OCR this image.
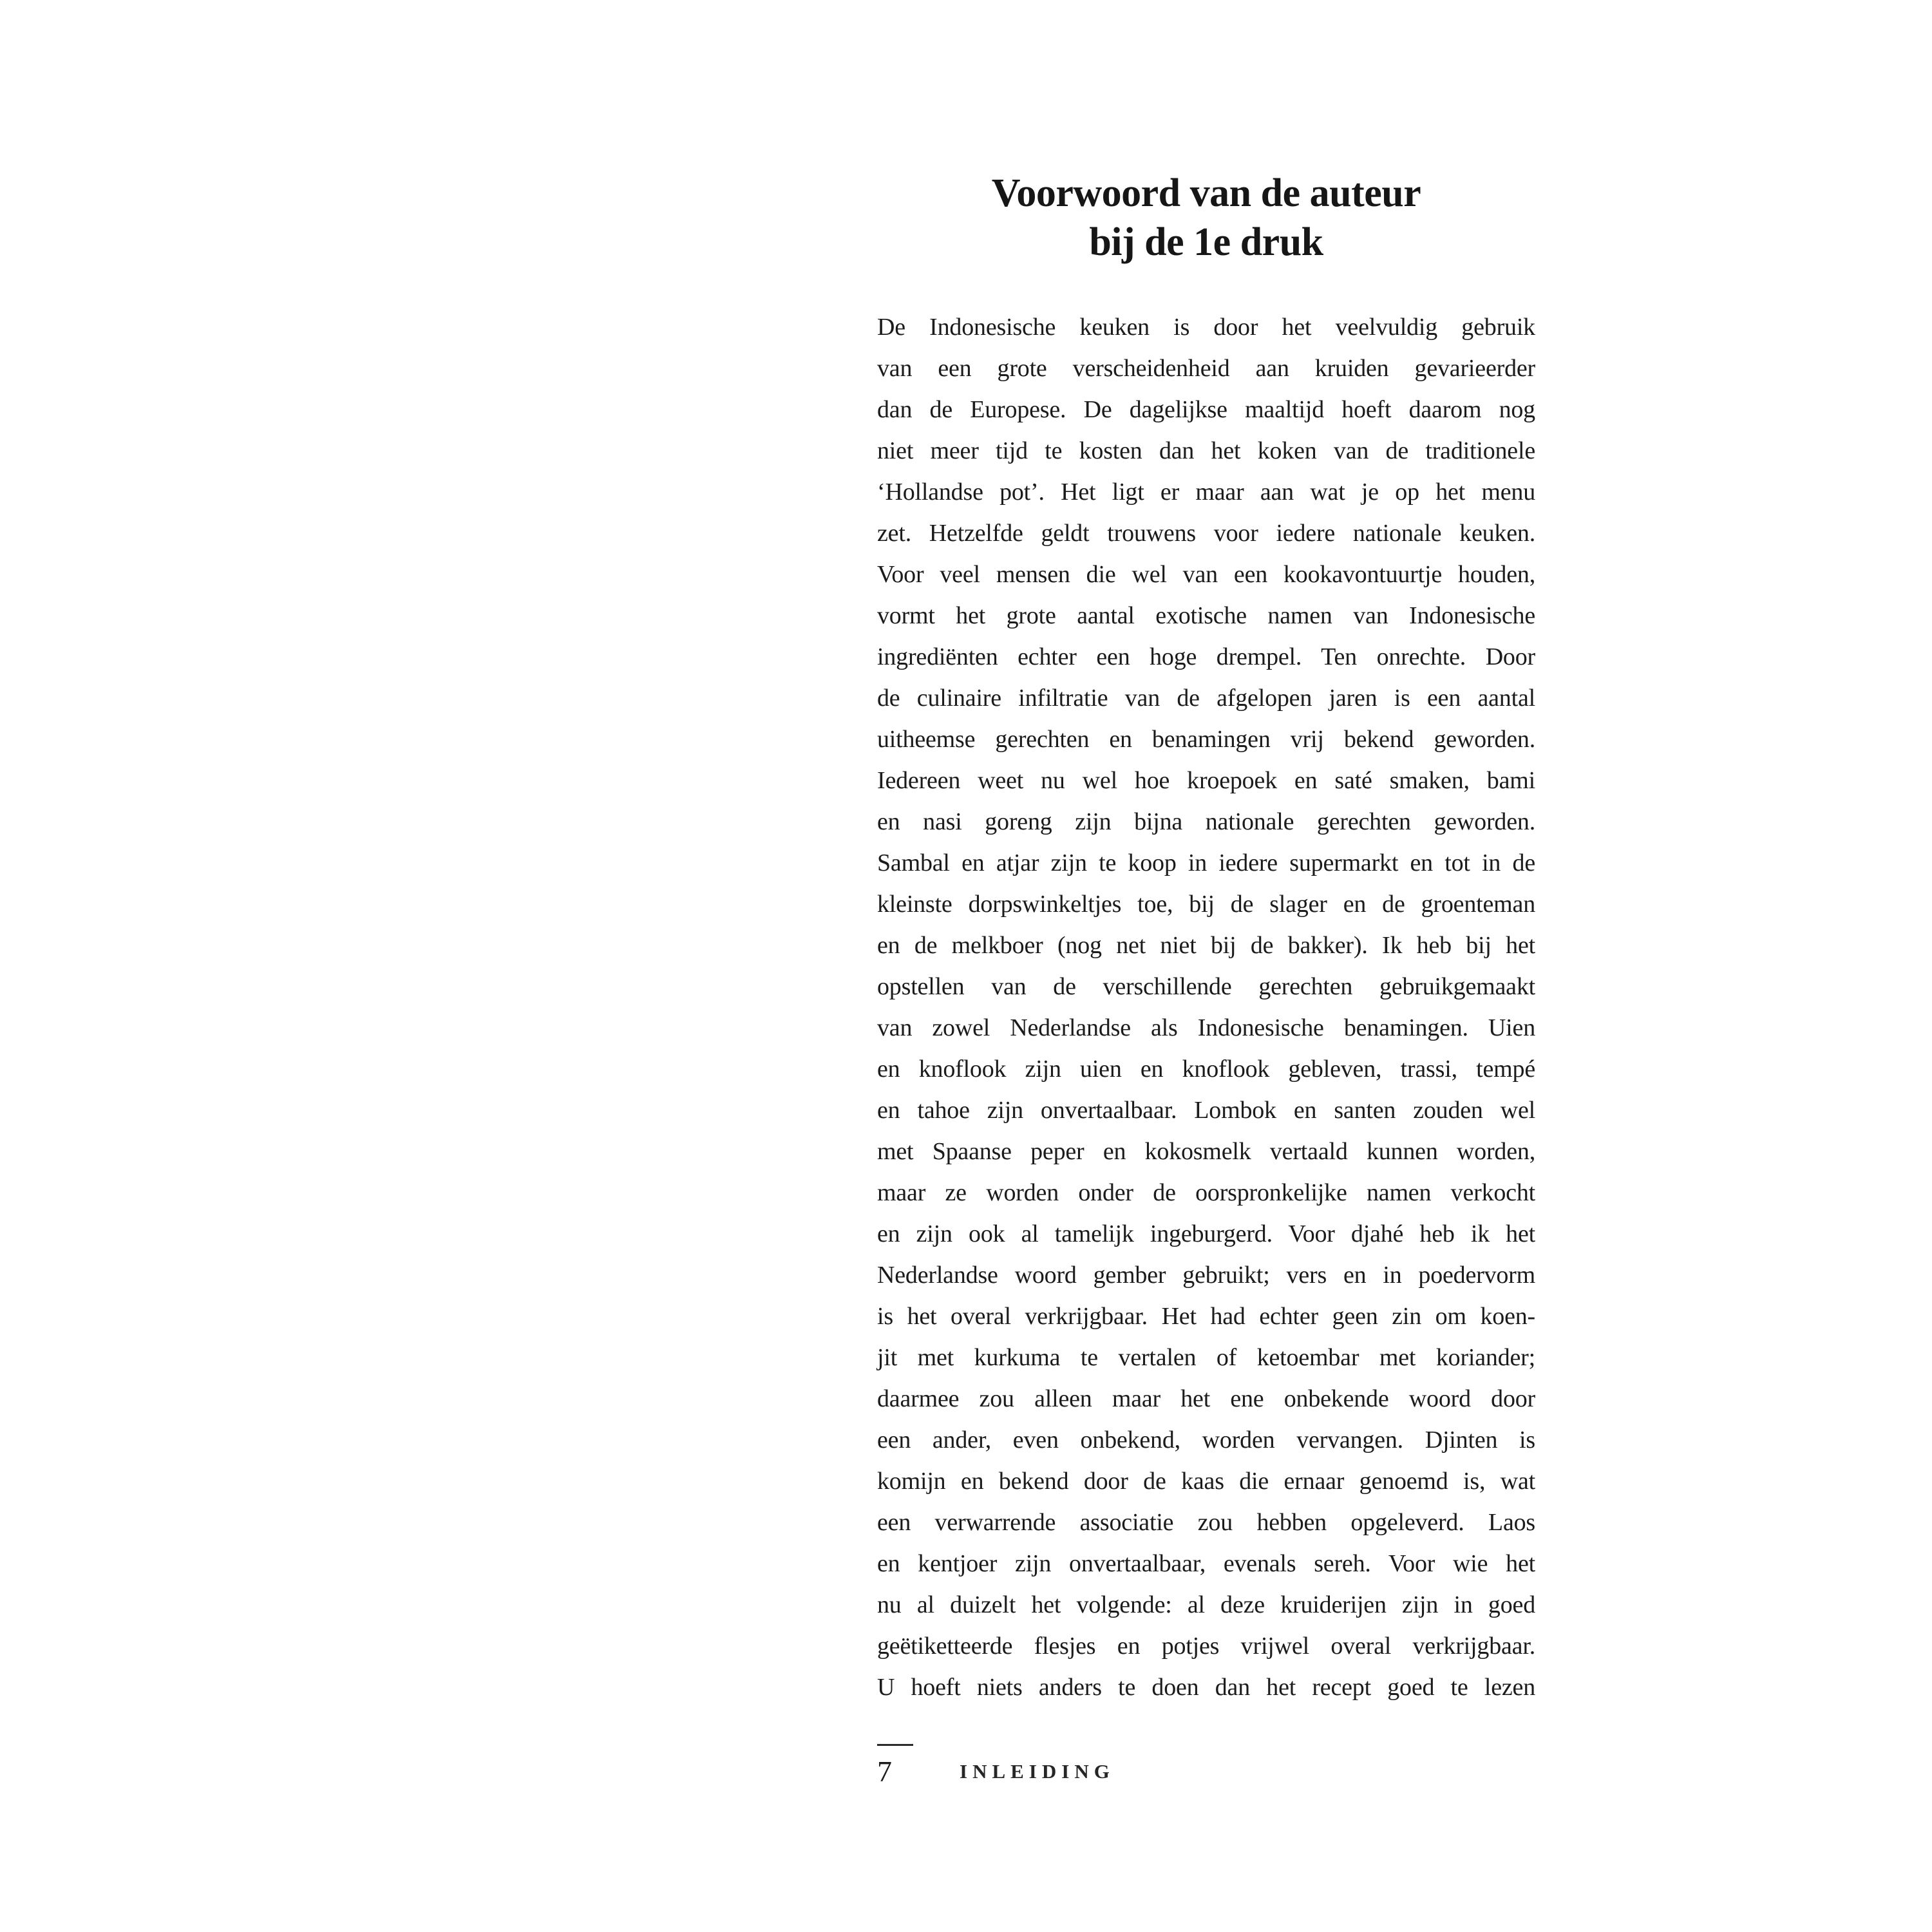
Voorwoord van de auteur
bij de 1e druk
De Indonesische keuken is door het veelvuldig gebruik
van een grote verscheidenheid aan kruiden gevarieerder
dan de Europese. De dagelijkse maaltijd hoeft daarom nog
niet meer tijd te kosten dan het koken van de traditionele
‘Hollandse pot’. Het ligt er maar aan wat je op het menu
zet. Hetzelfde geldt trouwens voor iedere nationale keuken.
Voor veel mensen die wel van een kookavontuurtje houden,
vormt het grote aantal exotische namen van Indonesische
ingrediënten echter een hoge drempel. Ten onrechte. Door
de culinaire infiltratie van de afgelopen jaren is een aantal
uitheemse gerechten en benamingen vrij bekend geworden.
Iedereen weet nu wel hoe kroepoek en saté smaken, bami
en nasi goreng zijn bijna nationale gerechten geworden.
Sambal en atjar zijn te koop in iedere supermarkt en tot in de
kleinste dorpswinkeltjes toe, bij de slager en de groenteman
en de melkboer (nog net niet bij de bakker). Ik heb bij het
opstellen van de verschillende gerechten gebruikgemaakt
van zowel Nederlandse als Indonesische benamingen. Uien
en knoflook zijn uien en knoflook gebleven, trassi, tempé
en tahoe zijn onvertaalbaar. Lombok en santen zouden wel
met Spaanse peper en kokosmelk vertaald kunnen worden,
maar ze worden onder de oorspronkelijke namen verkocht
en zijn ook al tamelijk ingeburgerd. Voor djahé heb ik het
Nederlandse woord gember gebruikt; vers en in poedervorm
is het overal verkrijgbaar. Het had echter geen zin om koen-
jit met kurkuma te vertalen of ketoembar met koriander;
daarmee zou alleen maar het ene onbekende woord door
een ander, even onbekend, worden vervangen. Djinten is
komijn en bekend door de kaas die ernaar genoemd is, wat
een verwarrende associatie zou hebben opgeleverd. Laos
en kentjoer zijn onvertaalbaar, evenals sereh. Voor wie het
nu al duizelt het volgende: al deze kruiderijen zijn in goed
geëtiketteerde flesjes en potjes vrijwel overal verkrijgbaar.
U hoeft niets anders te doen dan het recept goed te lezen
7	INLEIDING
